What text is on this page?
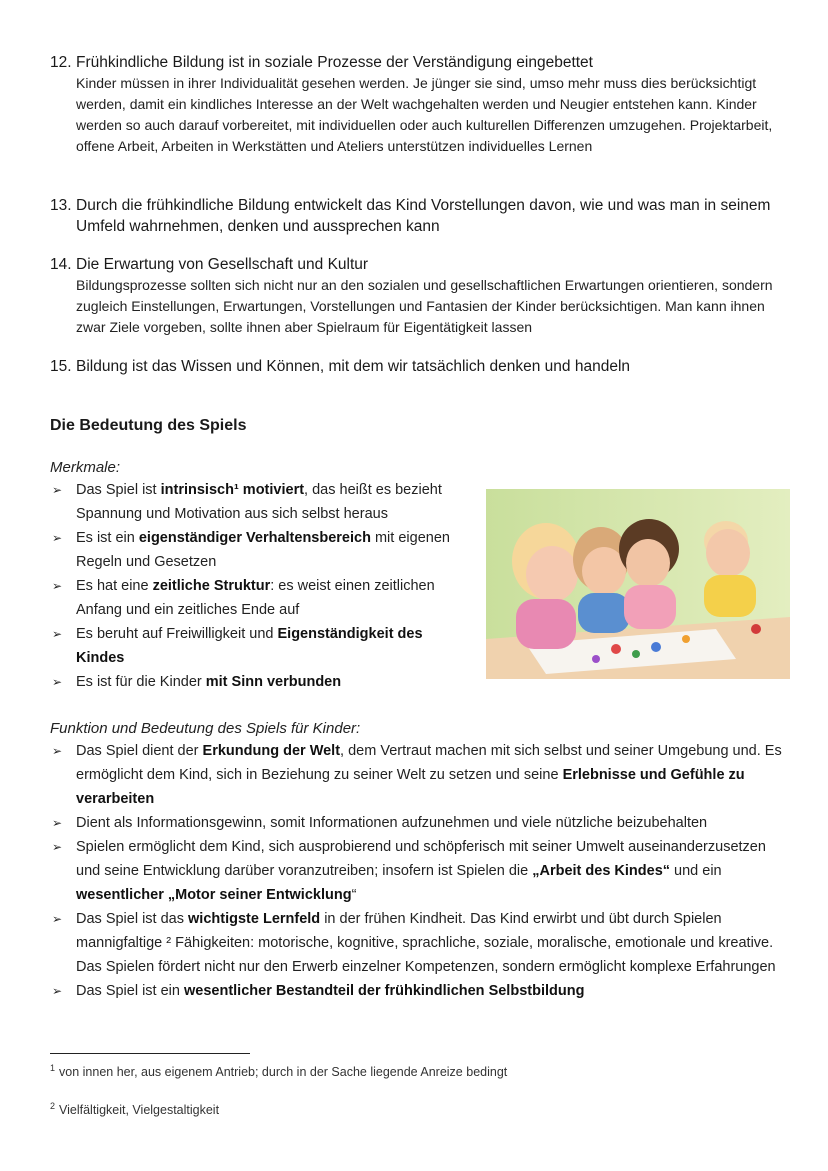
12. Frühkindliche Bildung ist in soziale Prozesse der Verständigung eingebettet
Kinder müssen in ihrer Individualität gesehen werden. Je jünger sie sind, umso mehr muss dies berücksichtigt werden, damit ein kindliches Interesse an der Welt wachgehalten werden und Neugier entstehen kann. Kinder werden so auch darauf vorbereitet, mit individuellen oder auch kulturellen Differenzen umzugehen. Projektarbeit, offene Arbeit, Arbeiten in Werkstätten und Ateliers unterstützen individuelles Lernen
13. Durch die frühkindliche Bildung entwickelt das Kind Vorstellungen davon, wie und was man in seinem Umfeld wahrnehmen, denken und aussprechen kann
14. Die Erwartung von Gesellschaft und Kultur
Bildungsprozesse sollten sich nicht nur an den sozialen und gesellschaftlichen Erwartungen orientieren, sondern zugleich Einstellungen, Erwartungen, Vorstellungen und Fantasien der Kinder berücksichtigen. Man kann ihnen zwar Ziele vorgeben, sollte ihnen aber Spielraum für Eigentätigkeit lassen
15. Bildung ist das Wissen und Können, mit dem wir tatsächlich denken und handeln
Die Bedeutung des Spiels
Merkmale:
➢ Das Spiel ist intrinsisch¹ motiviert, das heißt es bezieht Spannung und Motivation aus sich selbst heraus
➢ Es ist ein eigenständiger Verhaltensbereich mit eigenen Regeln und Gesetzen
➢ Es hat eine zeitliche Struktur: es weist einen zeitlichen Anfang und ein zeitliches Ende auf
➢ Es beruht auf Freiwilligkeit und Eigenständigkeit des Kindes
➢ Es ist für die Kinder mit Sinn verbunden
Funktion und Bedeutung des Spiels für Kinder:
➢ Das Spiel dient der Erkundung der Welt, dem Vertraut machen mit sich selbst und seiner Umgebung und. Es ermöglicht dem Kind, sich in Beziehung zu seiner Welt zu setzen und seine Erlebnisse und Gefühle zu verarbeiten
➢ Dient als Informationsgewinn, somit Informationen aufzunehmen und viele nützliche beizubehalten
➢ Spielen ermöglicht dem Kind, sich ausprobierend und schöpferisch mit seiner Umwelt auseinanderzusetzen und seine Entwicklung darüber voranzutreiben; insofern ist Spielen die „Arbeit des Kindes“ und ein wesentlicher „Motor seiner Entwicklung“
➢ Das Spiel ist das wichtigste Lernfeld in der frühen Kindheit. Das Kind erwirbt und übt durch Spielen mannigfaltige ² Fähigkeiten: motorische, kognitive, sprachliche, soziale, moralische, emotionale und kreative. Das Spielen fördert nicht nur den Erwerb einzelner Kompetenzen, sondern ermöglicht komplexe Erfahrungen
➢ Das Spiel ist ein wesentlicher Bestandteil der frühkindlichen Selbstbildung
$^1$ von innen her, aus eigenem Antrieb; durch in der Sache liegende Anreize bedingt
$^2$ Vielfältigkeit, Vielgestaltigkeit
